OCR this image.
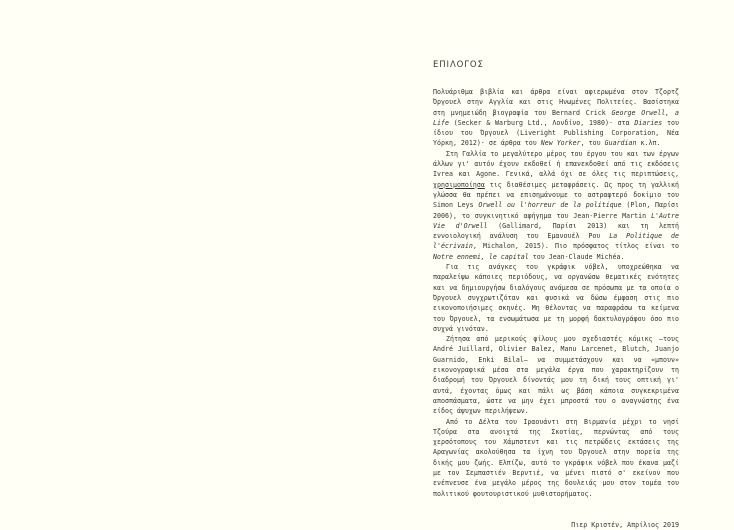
ΕΠΙΛΟΓΟΣ

Πολυάριθμα βιβλία και άρθρα είναι αφιερωμένα στον Τζορτζ Όργουελ στην Αγγλία και στις Ηνωμένες Πολιτείες. Βασίστηκα στη μνημειώδη βιογραφία του Bernard Crick George Orwell, a Life (Secker & Warburg Ltd., Λονδίνο, 1980)· στα Diaries του ίδιου του Όργουελ (Liveright Publishing Corporation, Νέα Υόρκη, 2012)· σε άρθρα του New Yorker, του Guardian κ.λπ.

Στη Γαλλία το μεγαλύτερο μέρος του έργου του και των έργων άλλων γι' αυτόν έχουν εκδοθεί ή επανεκδοθεί από τις εκδόσεις Ivrea και Agone. Γενικά, αλλά όχι σε όλες τις περιπτώσεις, χρησιμοποίησα τις διαθέσιμες μεταφράσεις. Ως προς τη γαλλική γλώσσα θα πρέπει να επισημάνουμε το αστραφτερό δοκίμιο του Simon Leys Orwell ou l'horreur de la politique (Plon, Παρίσι 2006), το συγκινητικό αφήγημα του Jean-Pierre Martin L'Autre Vie d'Orwell (Gallimard, Παρίσι 2013) και τη λεπτή εννοιολογική ανάλυση του Εμανουέλ Ρου La Politique de l'écrivain, Michalon, 2015). Πιο πρόσφατος τίτλος είναι το Notre ennemi, le capital του Jean-Claude Michéa.

Για τις ανάγκες του γκράφικ νόβελ, υποχρεώθηκα να παραλείψω κάποιες περιόδους, να οργανώσω θεματικές ενότητες και να δημιουργήσω διαλόγους ανάμεσα σε πρόσωπα με τα οποία ο Όργουελ συγχρωτιζόταν και φυσικά να δώσω έμφαση στις πιο εικονοποιήσιμες σκηνές. Μη θέλοντας να παραφράσω τα κείμενα του Όργουελ, τα ενσωμάτωσα με τη μορφή δακτυλογράφου όσο πιο συχνά γινόταν.

Ζήτησα από μερικούς φίλους μου σχεδιαστές κόμικς —τους André Juillard, Olivier Balez, Manu Larcenet, Blutch, Juanjo Guarnido, Enki Bilal— να συμμετάσχουν και να «μπουν» εικονογραφικά μέσα στα μεγάλα έργα που χαρακτηρίζουν τη διαδρομή του Όργουελ δίνοντάς μου τη δική τους οπτική γι' αυτά, έχοντας όμως και πάλι ως βάση κάποια συγκεκριμένα αποσπάσματα, ώστε να μην έχει μπροστά του ο αναγνώστης ένα είδος άψυχων περιλήψεων.

Από το Δέλτα του Ιραουάντι στη Βιρμανία μέχρι το νησί Τζούρα στα ανοιχτά της Σκοτίας, περνώντας από τους χερσότοπους του Χάμπστεντ και τις πετρώδεις εκτάσεις της Αραγωνίας ακολούθησα τα ίχνη του Όργουελ στην πορεία της δικής μου ζωής. Ελπίζω, αυτό το γκράφικ νόβελ που έκανα μαζί με τον Σεμπαστιέν Βερντιέ, να μένει πιστό σ' εκείνον που ενέπνευσε ένα μεγάλο μέρος της δουλειάς μου στον τομέα του πολιτικού φουτουριστικού μυθιστορήματος.

Πιερ Κριστέν, Απρίλιος 2019
